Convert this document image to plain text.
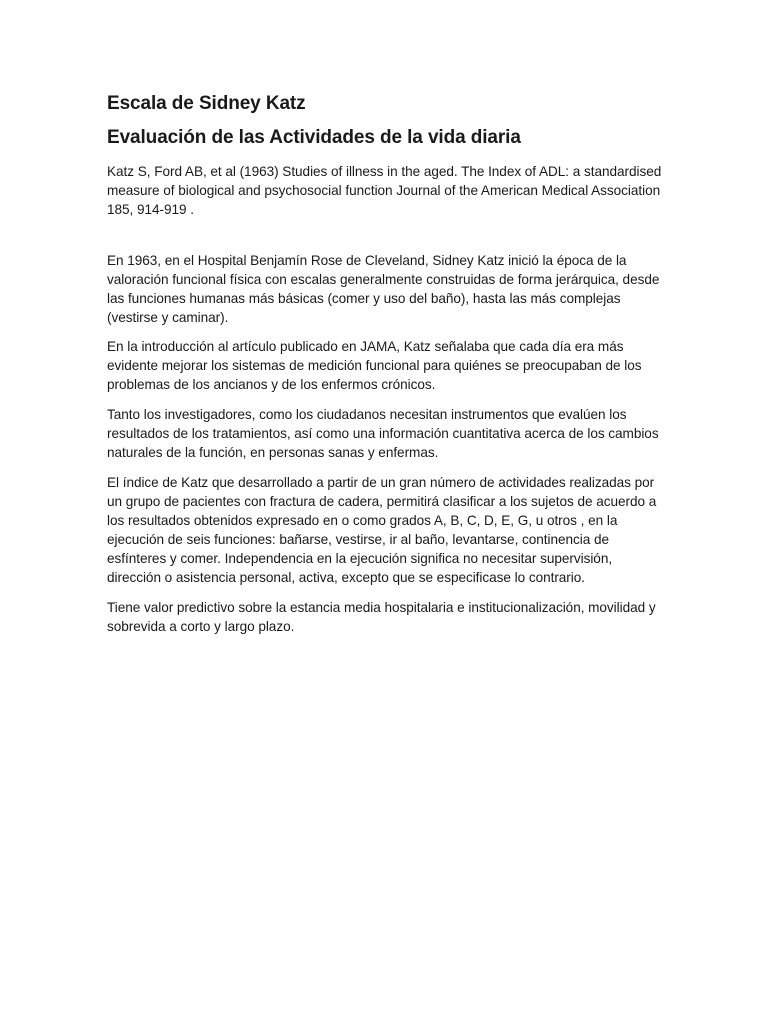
Escala de Sidney Katz
Evaluación de las Actividades de la vida diaria

Katz S, Ford AB, et al (1963) Studies of illness in the aged. The Index of ADL: a standardised measure of biological and psychosocial function Journal of the American Medical Association 185, 914-919 .

En 1963, en el Hospital Benjamín Rose de Cleveland, Sidney Katz inició la época de la valoración funcional física con escalas generalmente construidas de forma jerárquica, desde las funciones humanas más básicas (comer y uso del baño), hasta las más complejas (vestirse y caminar).

En la introducción al artículo publicado en JAMA, Katz señalaba que cada día era más evidente mejorar los sistemas de medición funcional para quiénes se preocupaban de los problemas de los ancianos y de los enfermos crónicos.

Tanto los investigadores, como los ciudadanos necesitan instrumentos que evalúen los resultados de los tratamientos, así como una información cuantitativa acerca de los cambios naturales de la función, en personas sanas y enfermas.

El índice de Katz que desarrollado a partir de un gran número de actividades realizadas por un grupo de pacientes con fractura de cadera, permitirá clasificar a los sujetos de acuerdo a los resultados obtenidos expresado en o como grados A, B, C, D, E, G, u otros , en la ejecución de seis funciones: bañarse, vestirse, ir al baño, levantarse, continencia de esfínteres y comer. Independencia en la ejecución significa no necesitar supervisión, dirección o asistencia personal, activa, excepto que se especificase lo contrario.

Tiene valor predictivo sobre la estancia media hospitalaria e institucionalización, movilidad y sobrevida a corto y largo plazo.
